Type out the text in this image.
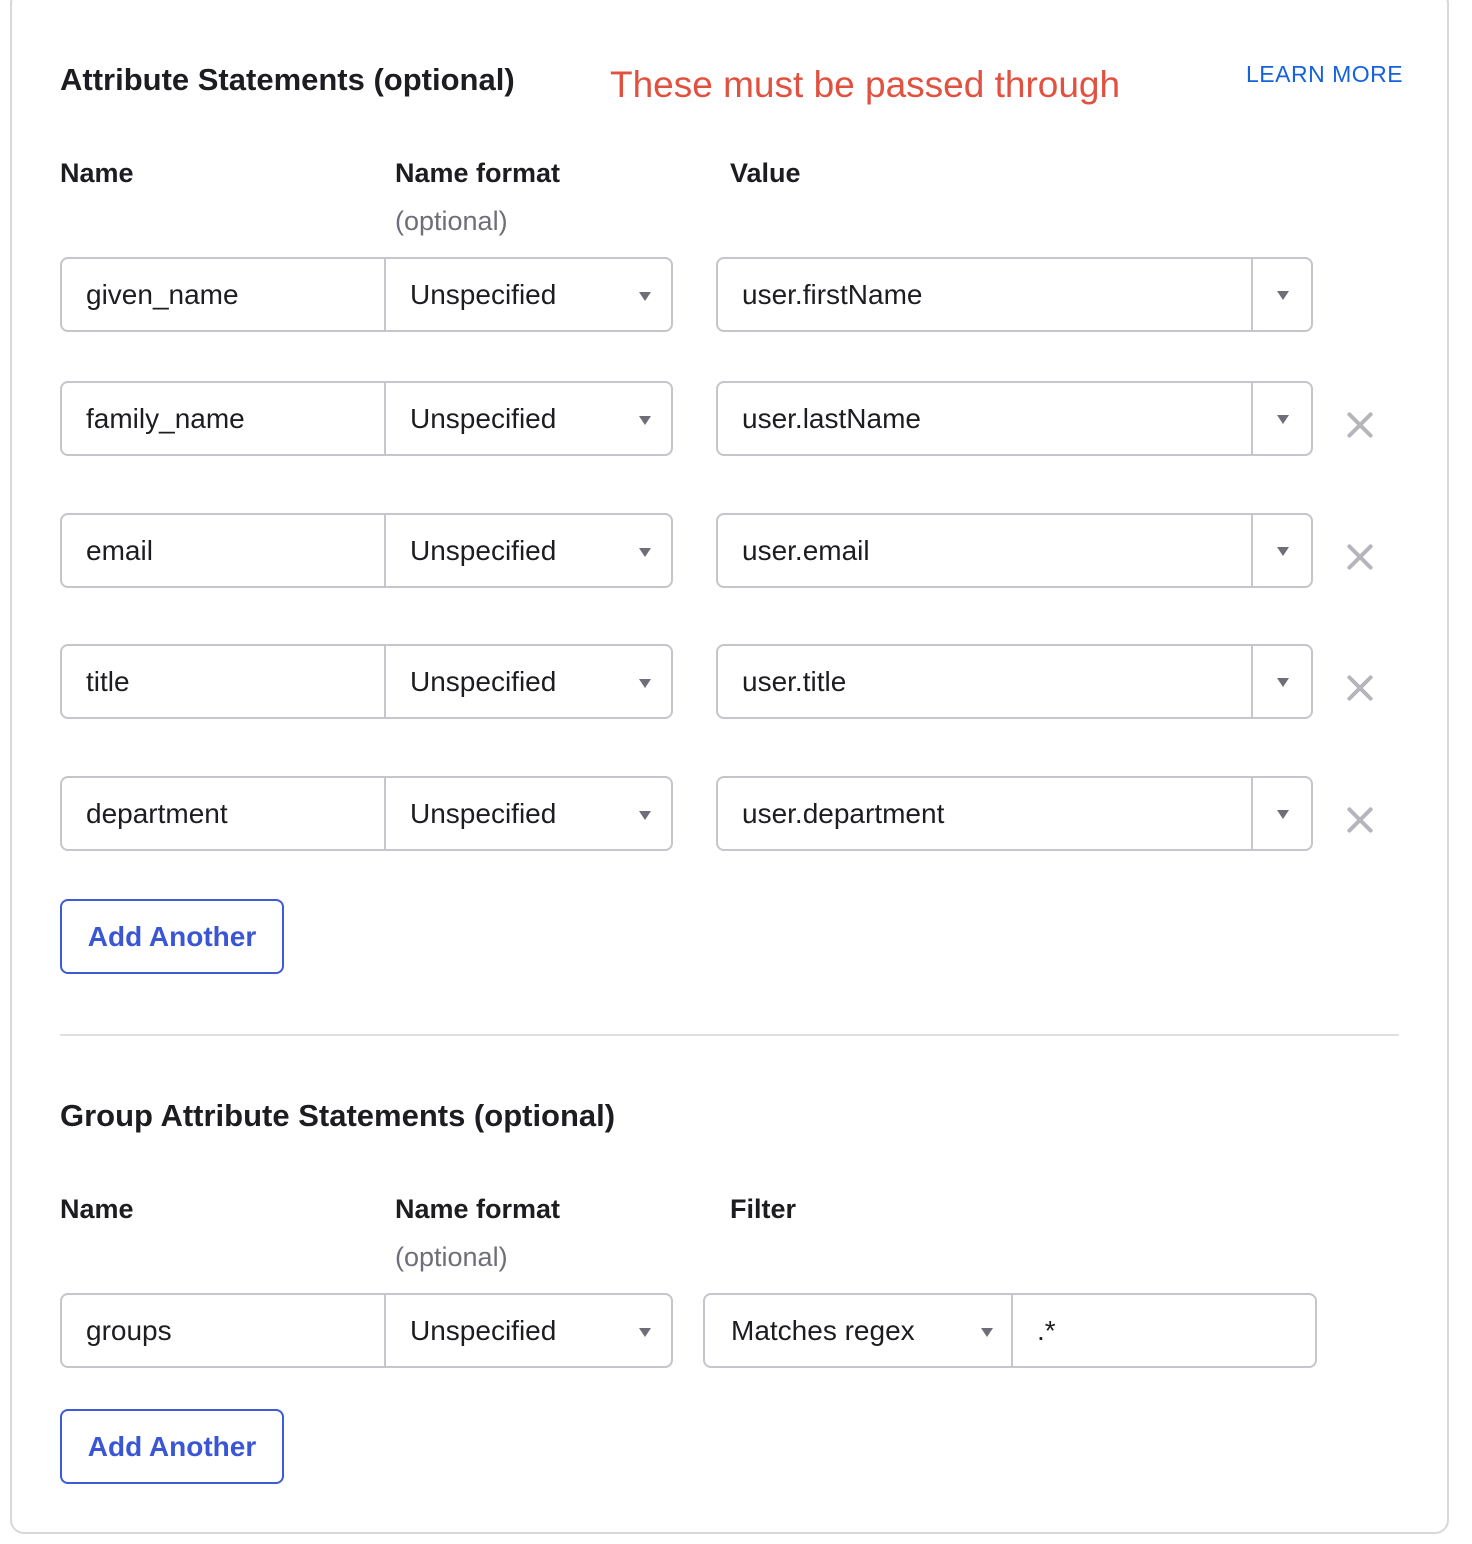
Attribute Statements (optional)	These must be passed through	LEARN MORE
Name	Name format
(optional)
Value
given_name	Unspecified	user.firstName
family_name	Unspecified	user.lastName
email	Unspecified	user.email
title	Unspecified	user.title
department	Unspecified	user.department
Add Another
Group Attribute Statements (optional)
Name	Name format
(optional)
Filter
groups	Unspecified	Matches regex	.*
Add Another
